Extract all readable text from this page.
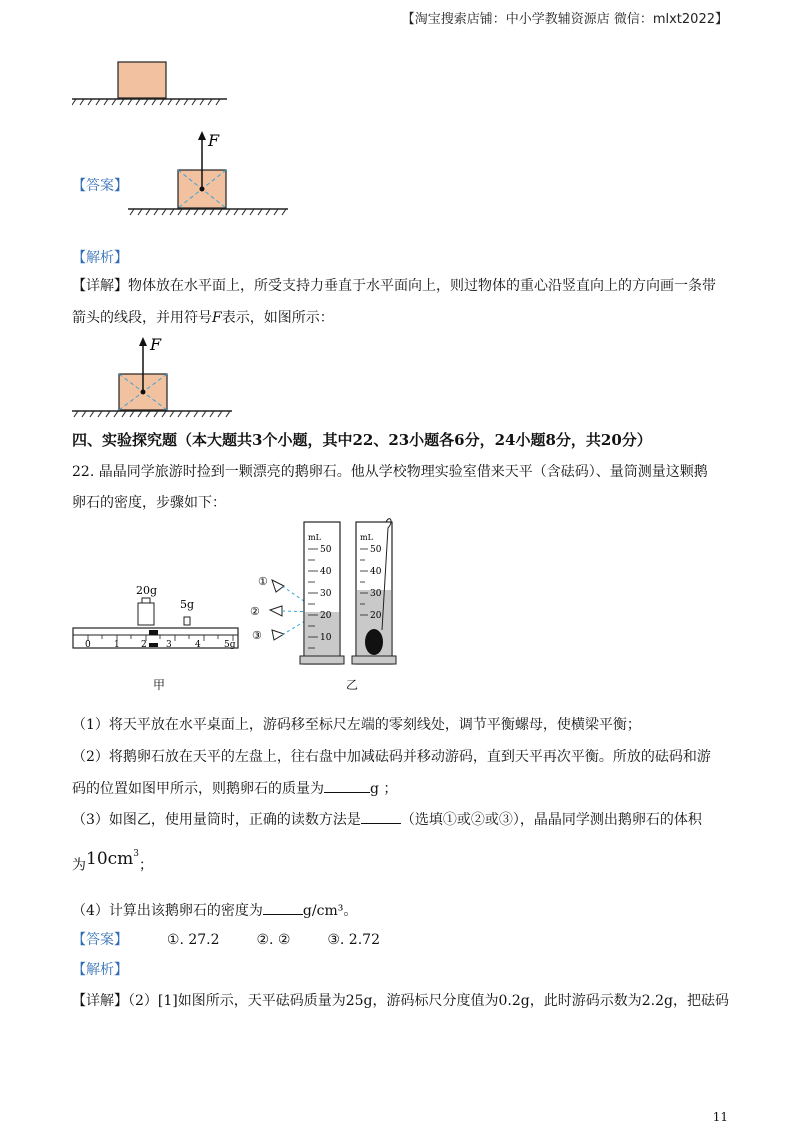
【淘宝搜索店铺：中小学教辅资源店 微信：mlxt2022】
【答案】
F
【解析】
【详解】物体放在水平面上，所受支持力垂直于水平面向上，则过物体的重心沿竖直向上的方向画一条带
箭头的线段，并用符号F表示，如图所示：
F
四、实验探究题（本大题共3个小题，其中22、23小题各6分，24小题8分，共20分）
22. 晶晶同学旅游时捡到一颗漂亮的鹅卵石。他从学校物理实验室借来天平（含砝码）、量筒测量这颗鹅
卵石的密度，步骤如下：
20g
5g
0	1 2 3	4	5g
甲
①
②
③
mL
50
40
30
20
10
mL
50
40
30
20
乙
（1）将天平放在水平桌面上，游码移至标尺左端的零刻线处，调节平衡螺母，使横梁平衡；
（2）将鹅卵石放在天平的左盘上，往右盘中加减砝码并移动游码，直到天平再次平衡。所放的砝码和游
码的位置如图甲所示，则鹅卵石的质量为	g ；
（3）如图乙，使用量筒时，正确的读数方法是	（选填①或②或③），晶晶同学测出鹅卵石的体积
为$10cm^3$；
（4）计算出该鹅卵石的密度为	g/cm³。
【答案】	①. 27.2	②. ②	③. 2.72
【解析】
【详解】（2）[1]如图所示，天平砝码质量为25g，游码标尺分度值为0.2g，此时游码示数为2.2g，把砝码
11
